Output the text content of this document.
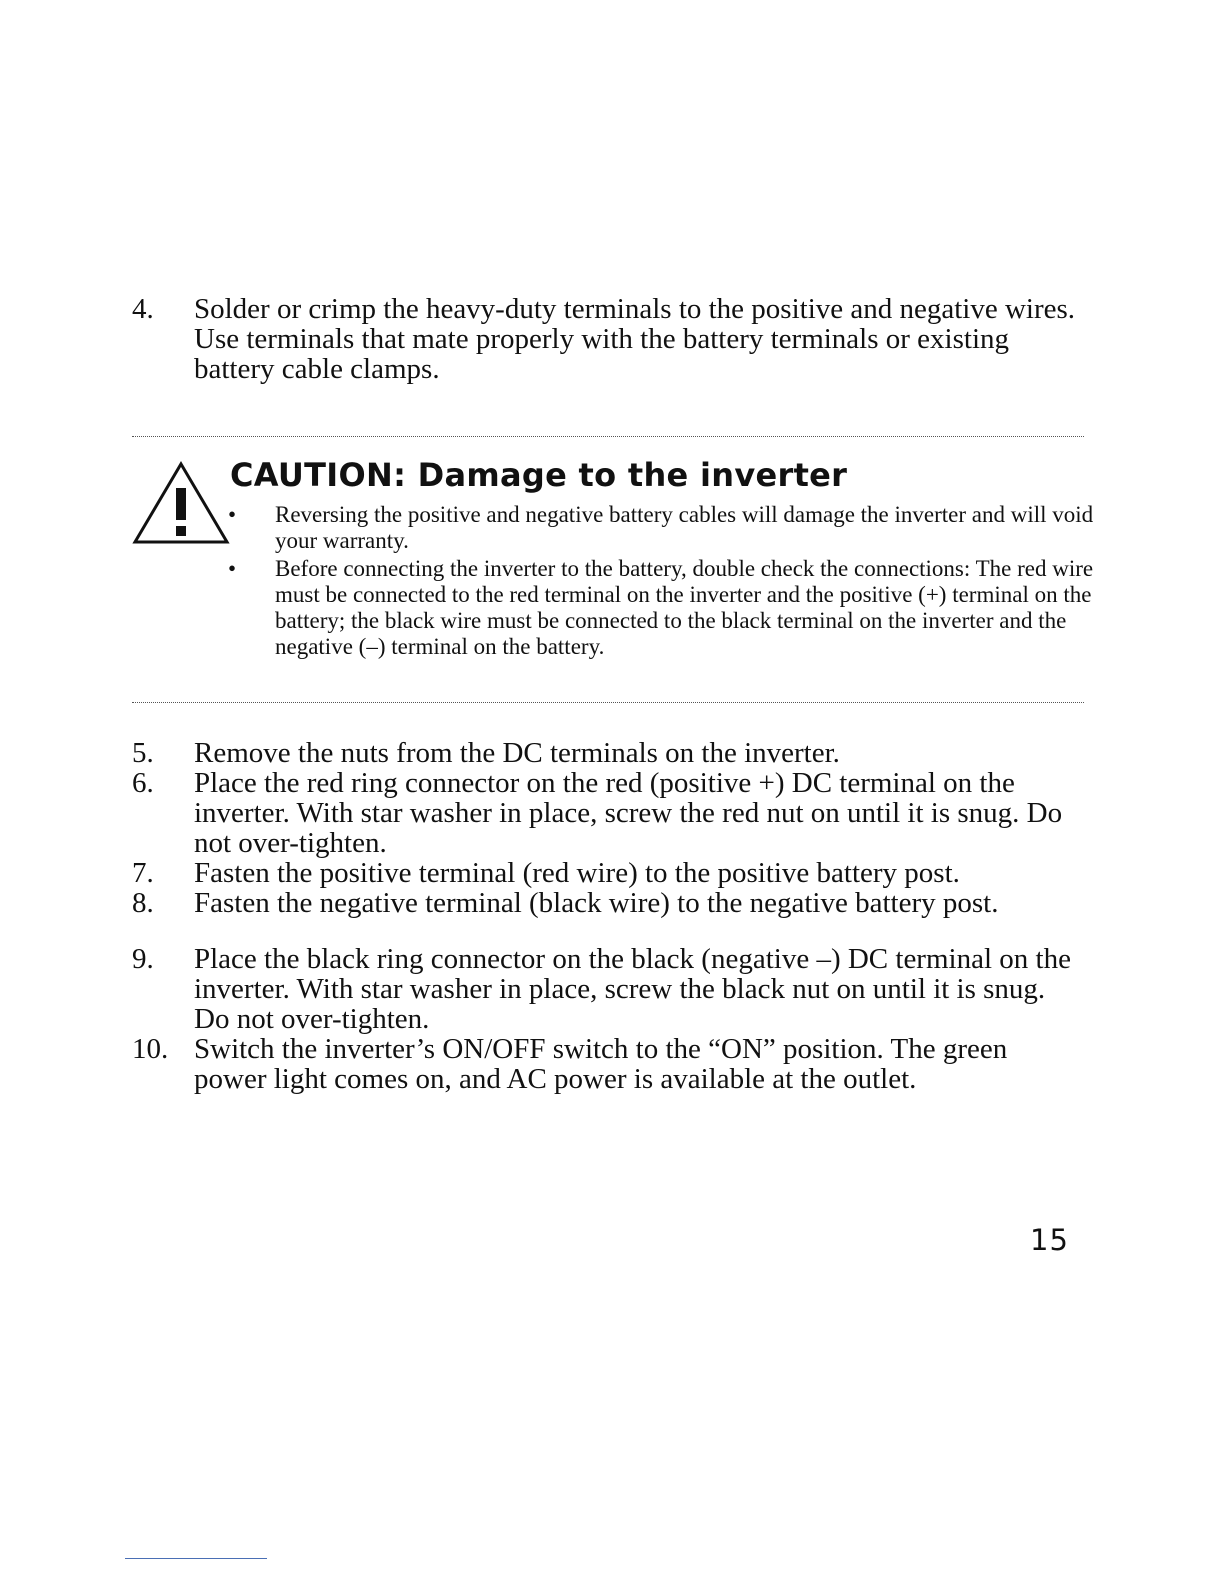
4.	Solder or crimp the heavy-duty terminals to the positive and negative wires. Use terminals that mate properly with the battery terminals or existing battery cable clamps.
CAUTION: Damage to the inverter
•	Reversing the positive and negative battery cables will damage the inverter and will void your warranty.
•	Before connecting the inverter to the battery, double check the connections: The red wire must be connected to the red terminal on the inverter and the positive (+) terminal on the battery; the black wire must be connected to the black terminal on the inverter and the negative (–) terminal on the battery.
5.	Remove the nuts from the DC terminals on the inverter.
6.	Place the red ring connector on the red (positive +) DC terminal on the inverter. With star washer in place, screw the red nut on until it is snug. Do not over-tighten.
7.	Fasten the positive terminal (red wire) to the positive battery post.
8.	Fasten the negative terminal (black wire) to the negative battery post.
9.	Place the black ring connector on the black (negative –) DC terminal on the inverter. With star washer in place, screw the black nut on until it is snug. Do not over-tighten.
10. Switch the inverter’s ON/OFF switch to the “ON” position. The green power light comes on, and AC power is available at the outlet.
15
